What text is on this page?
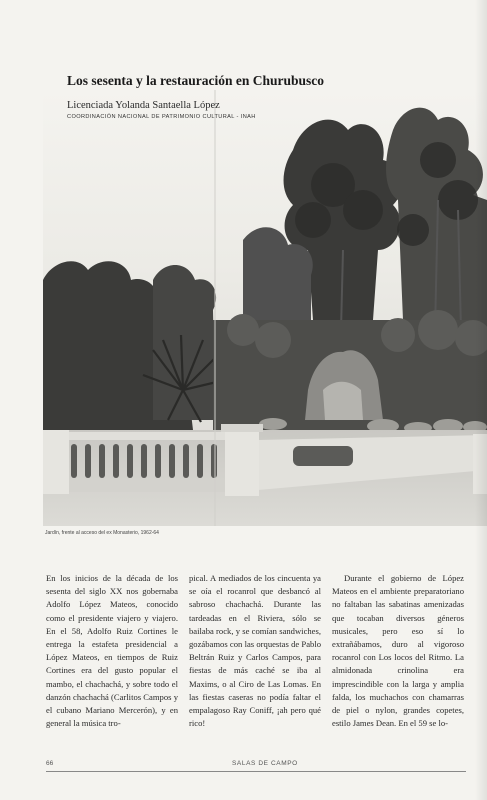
Los sesenta y la restauración en Churubusco
Licenciada Yolanda Santaella López
COORDINACIÓN NACIONAL DE PATRIMONIO CULTURAL - INAH
Jardín, frente al acceso del ex Monasterio, 1962-64

En los inicios de la década de los sesenta del siglo XX nos gobernaba Adolfo López Mateos, conocido como el presidente viajero y viajero. En el 58, Adolfo Ruiz Cortines le entrega la estafeta presidencial a López Mateos, en tiempos de Ruiz Cortines era del gusto popular el mambo, el chachachá, y sobre todo el danzón chachachá (Carlitos Campos y el cubano Mariano Mercerón), y en general la música tro-

pical. A mediados de los cincuenta ya se oía el rocanrol que desbancó al sabroso chachachá. Durante las tardeadas en el Riviera, sólo se bailaba rock, y se comían sandwiches, gozábamos con las orquestas de Pablo Beltrán Ruiz y Carlos Campos, para fiestas de más caché se iba al Maxims, o al Ciro de Las Lomas. En las fiestas caseras no podía faltar el empalagoso Ray Coniff, ¡ah pero qué rico!

Durante el gobierno de López Mateos en el ambiente preparatoriano no faltaban las sabatinas amenizadas que tocaban diversos géneros musicales, pero eso sí lo extrañábamos, duro al vigoroso rocanrol con Los locos del Ritmo. La almidonada crinolina era imprescindible con la larga y amplia falda, los muchachos con chamarras de piel o nylon, grandes copetes, estilo James Dean. En el 59 se lo-

66	SALAS DE CAMPO
